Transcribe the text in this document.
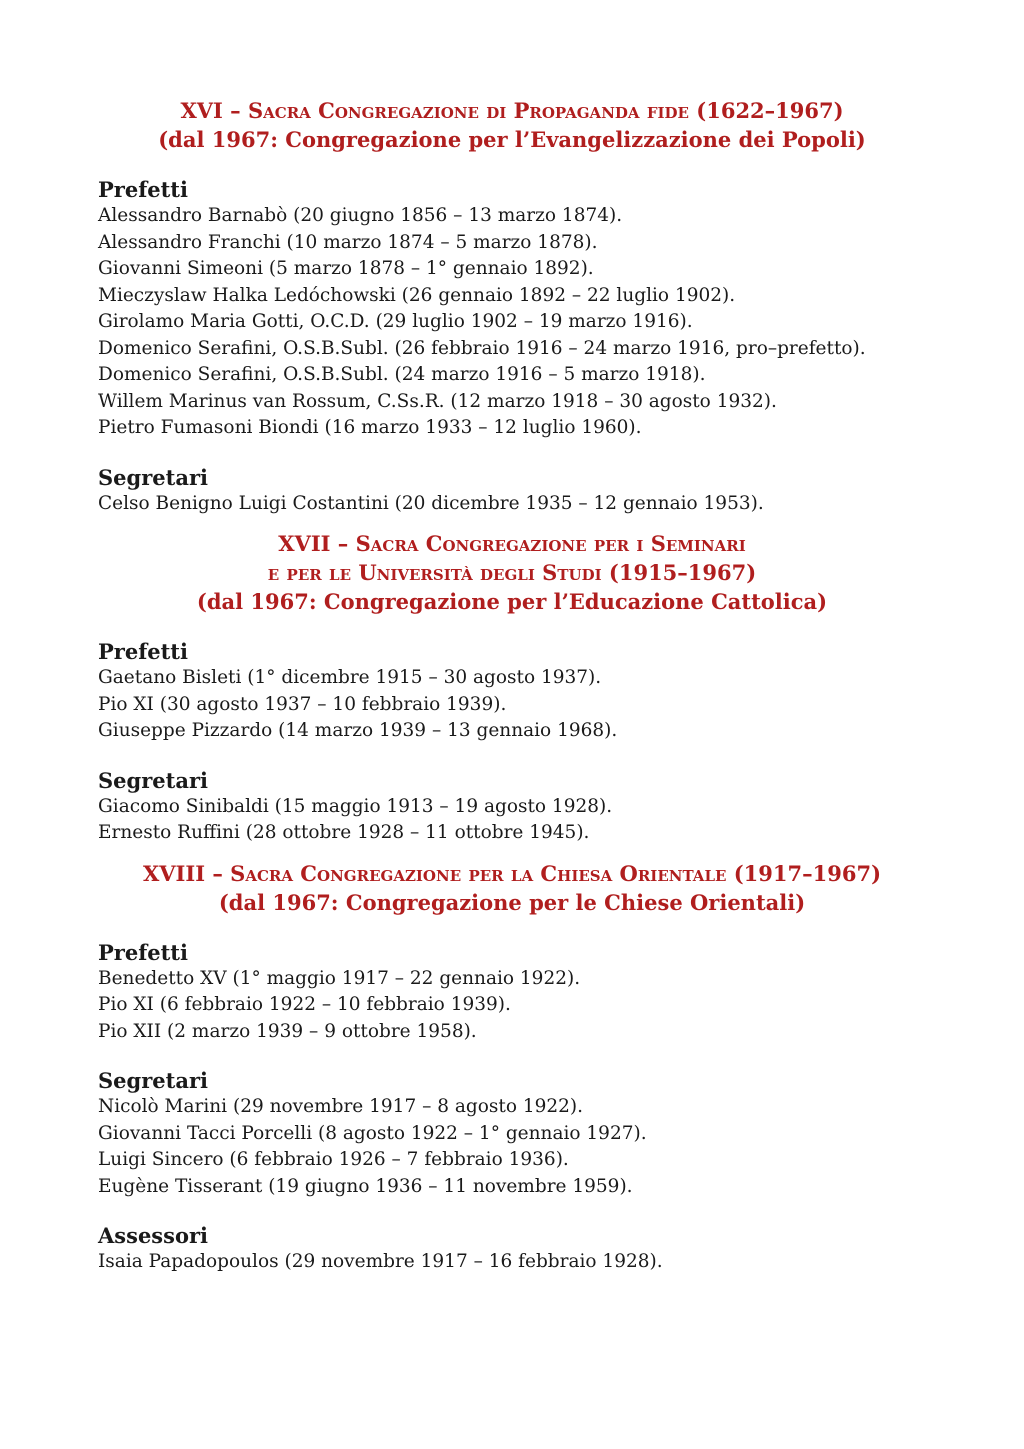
XVI – Sacra Congregazione di Propaganda fide (1622–1967)
(dal 1967: Congregazione per l’Evangelizzazione dei Popoli)
Prefetti
Alessandro Barnabò (20 giugno 1856 – 13 marzo 1874).
Alessandro Franchi (10 marzo 1874 – 5 marzo 1878).
Giovanni Simeoni (5 marzo 1878 – 1° gennaio 1892).
Mieczyslaw Halka Ledóchowski (26 gennaio 1892 – 22 luglio 1902).
Girolamo Maria Gotti, O.C.D. (29 luglio 1902 – 19 marzo 1916).
Domenico Serafini, O.S.B.Subl. (26 febbraio 1916 – 24 marzo 1916, pro–prefetto).
Domenico Serafini, O.S.B.Subl. (24 marzo 1916 – 5 marzo 1918).
Willem Marinus van Rossum, C.Ss.R. (12 marzo 1918 – 30 agosto 1932).
Pietro Fumasoni Biondi (16 marzo 1933 – 12 luglio 1960).
Segretari
Celso Benigno Luigi Costantini (20 dicembre 1935 – 12 gennaio 1953).
XVII – Sacra Congregazione per i Seminari
e per le Università degli Studi (1915–1967)
(dal 1967: Congregazione per l’Educazione Cattolica)
Prefetti
Gaetano Bisleti (1° dicembre 1915 – 30 agosto 1937).
Pio XI (30 agosto 1937 – 10 febbraio 1939).
Giuseppe Pizzardo (14 marzo 1939 – 13 gennaio 1968).
Segretari
Giacomo Sinibaldi (15 maggio 1913 – 19 agosto 1928).
Ernesto Ruffini (28 ottobre 1928 – 11 ottobre 1945).
XVIII – Sacra Congregazione per la Chiesa Orientale (1917–1967)
(dal 1967: Congregazione per le Chiese Orientali)
Prefetti
Benedetto XV (1° maggio 1917 – 22 gennaio 1922).
Pio XI (6 febbraio 1922 – 10 febbraio 1939).
Pio XII (2 marzo 1939 – 9 ottobre 1958).
Segretari
Nicolò Marini (29 novembre 1917 – 8 agosto 1922).
Giovanni Tacci Porcelli (8 agosto 1922 – 1° gennaio 1927).
Luigi Sincero (6 febbraio 1926 – 7 febbraio 1936).
Eugène Tisserant (19 giugno 1936 – 11 novembre 1959).
Assessori
Isaia Papadopoulos (29 novembre 1917 – 16 febbraio 1928).
